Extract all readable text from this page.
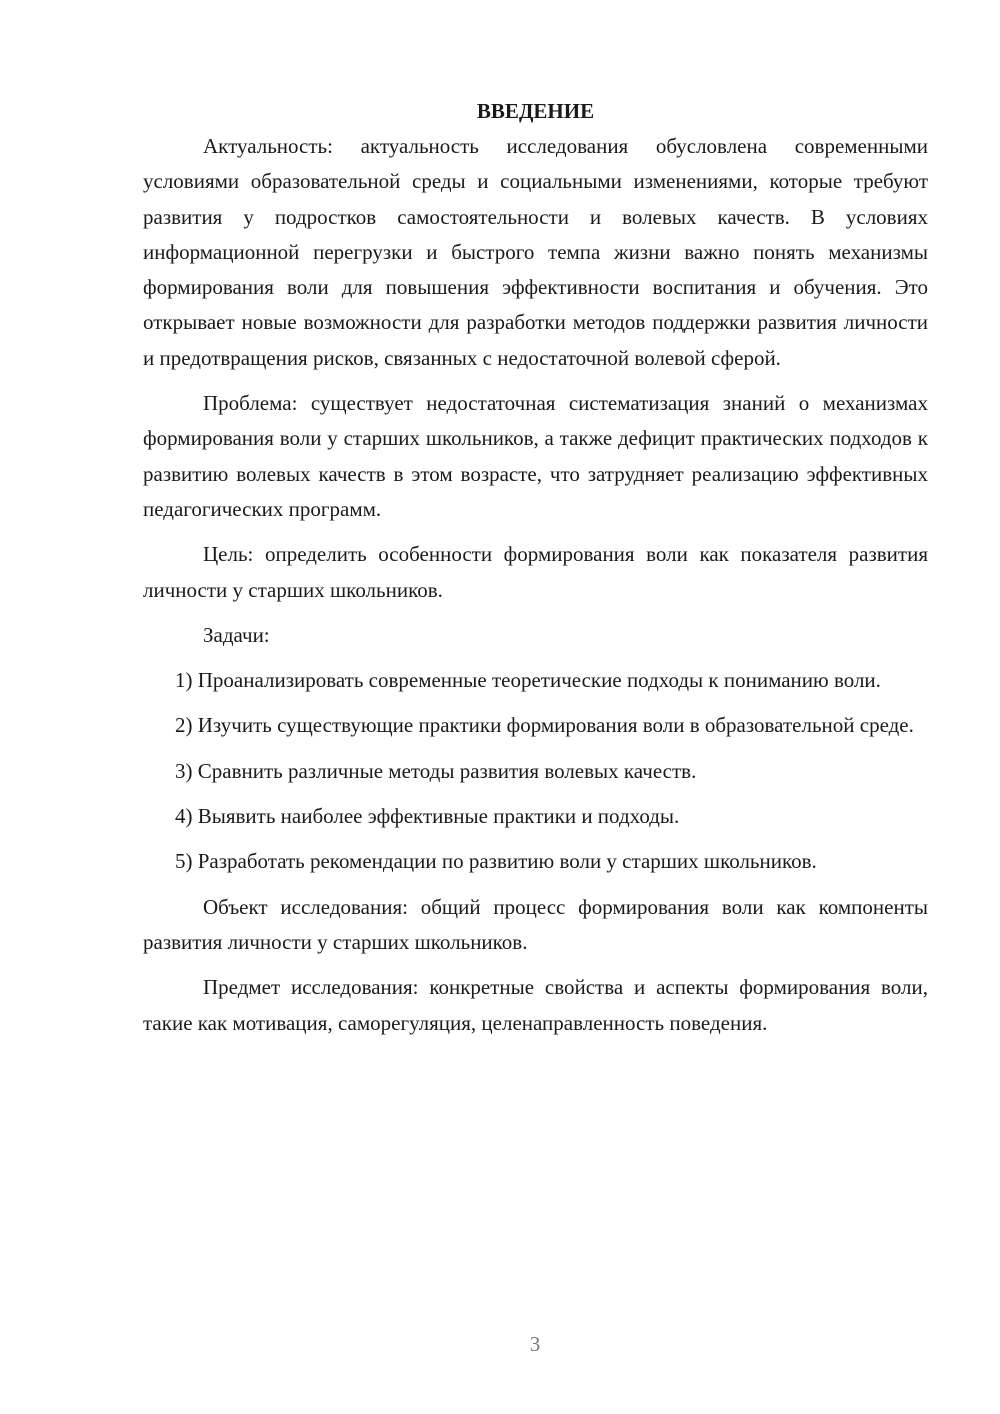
ВВЕДЕНИЕ

Актуальность: актуальность исследования обусловлена современными условиями образовательной среды и социальными изменениями, которые требуют развития у подростков самостоятельности и волевых качеств. В условиях информационной перегрузки и быстрого темпа жизни важно понять механизмы формирования воли для повышения эффективности воспитания и обучения. Это открывает новые возможности для разработки методов поддержки развития личности и предотвращения рисков, связанных с недостаточной волевой сферой.

Проблема: существует недостаточная систематизация знаний о механизмах формирования воли у старших школьников, а также дефицит практических подходов к развитию волевых качеств в этом возрасте, что затрудняет реализацию эффективных педагогических программ.

Цель: определить особенности формирования воли как показателя развития личности у старших школьников.

Задачи:

1) Проанализировать современные теоретические подходы к пониманию воли.

2) Изучить существующие практики формирования воли в образовательной среде.

3) Сравнить различные методы развития волевых качеств.

4) Выявить наиболее эффективные практики и подходы.

5) Разработать рекомендации по развитию воли у старших школьников.

Объект исследования: общий процесс формирования воли как компоненты развития личности у старших школьников.

Предмет исследования: конкретные свойства и аспекты формирования воли, такие как мотивация, саморегуляция, целенаправленность поведения.

3
